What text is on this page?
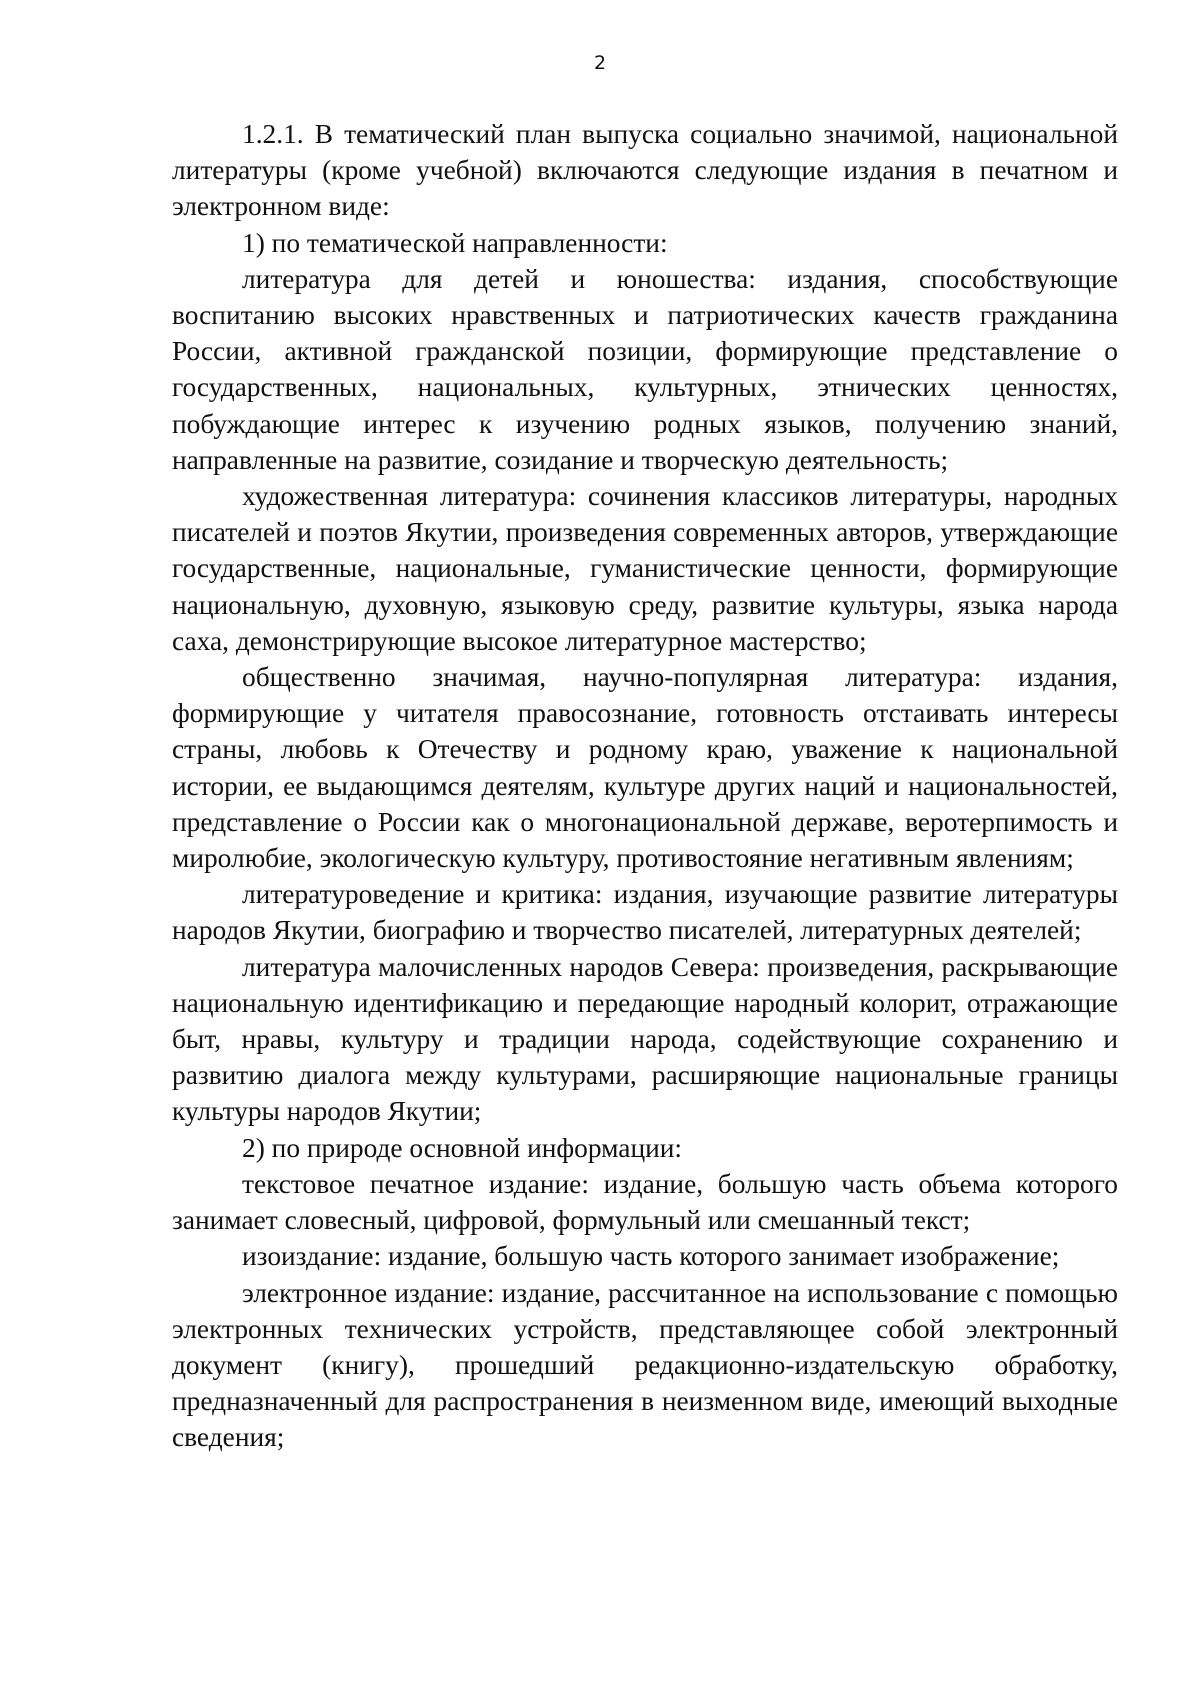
2

1.2.1. В тематический план выпуска социально значимой, национальной литературы (кроме учебной) включаются следующие издания в печатном и электронном виде:

1) по тематической направленности:

литература для детей и юношества: издания, способствующие воспитанию высоких нравственных и патриотических качеств гражданина России, активной гражданской позиции, формирующие представление о государственных, национальных, культурных, этнических ценностях, побуждающие интерес к изучению родных языков, получению знаний, направленные на развитие, созидание и творческую деятельность;

художественная литература: сочинения классиков литературы, народных писателей и поэтов Якутии, произведения современных авторов, утверждающие государственные, национальные, гуманистические ценности, формирующие национальную, духовную, языковую среду, развитие культуры, языка народа саха, демонстрирующие высокое литературное мастерство;

общественно значимая, научно-популярная литература: издания, формирующие у читателя правосознание, готовность отстаивать интересы страны, любовь к Отечеству и родному краю, уважение к национальной истории, ее выдающимся деятелям, культуре других наций и национальностей, представление о России как о многонациональной державе, веротерпимость и миролюбие, экологическую культуру, противостояние негативным явлениям;

литературоведение и критика: издания, изучающие развитие литературы народов Якутии, биографию и творчество писателей, литературных деятелей;

литература малочисленных народов Севера: произведения, раскрывающие национальную идентификацию и передающие народный колорит, отражающие быт, нравы, культуру и традиции народа, содействующие сохранению и развитию диалога между культурами, расширяющие национальные границы культуры народов Якутии;

2) по природе основной информации:

текстовое печатное издание: издание, большую часть объема которого занимает словесный, цифровой, формульный или смешанный текст;

изоиздание: издание, большую часть которого занимает изображение;

электронное издание: издание, рассчитанное на использование с помощью электронных технических устройств, представляющее собой электронный документ (книгу), прошедший редакционно-издательскую обработку, предназначенный для распространения в неизменном виде, имеющий выходные сведения;
